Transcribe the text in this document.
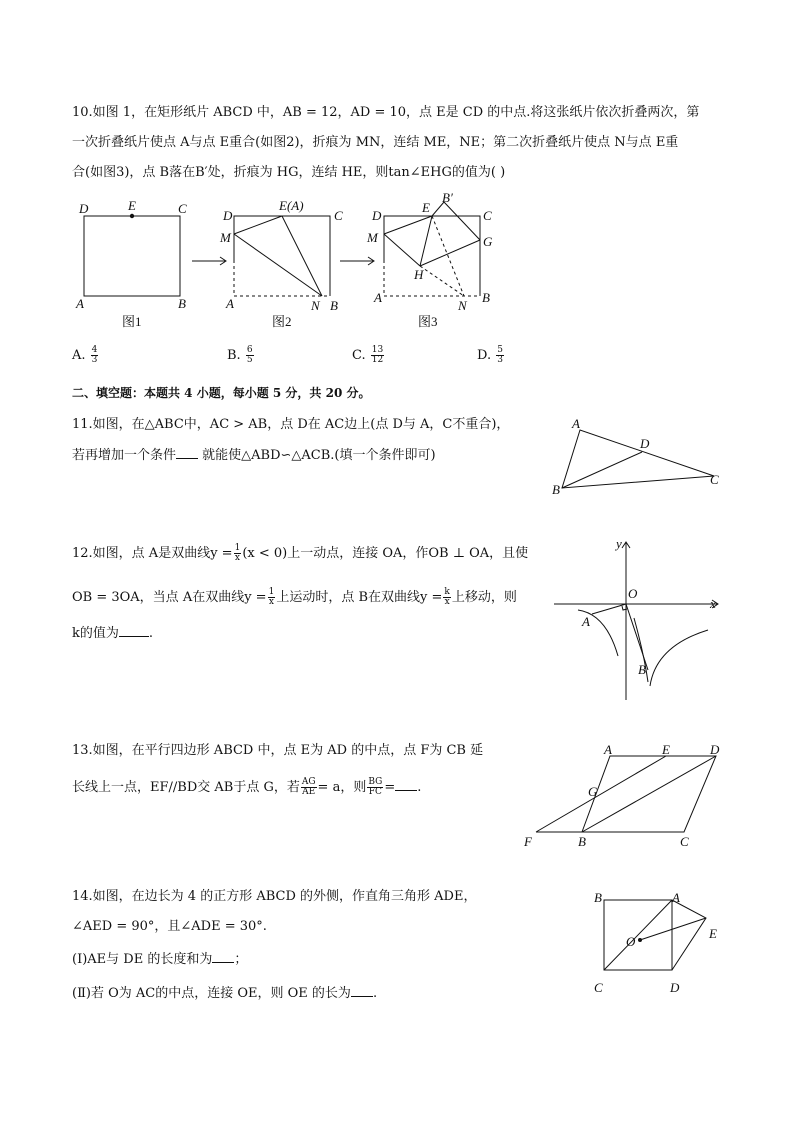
10.如图 1，在矩形纸片 ABCD 中，AB = 12，AD = 10，点 E是 CD 的中点.将这张纸片依次折叠两次，第
一次折叠纸片使点 A与点 E重合(如图2)，折痕为 MN，连结 ME，NE；第二次折叠纸片使点 N与点 E重
合(如图3)，点 B落在B′处，折痕为 HG，连结 HE，则tan∠EHG的值为( )
D	E	C
A	B
图1
D
E(A)
C
M
A	N B
图2
D
E
B′
C
M	G
H
A
N
B
图3
A. $\frac{4}{3}$	B. $\frac{6}{5}$	C. $\frac{13}{12}$	D. $\frac{5}{3}$
二、填空题：本题共 4 小题，每小题 5 分，共 20 分。
11.如图，在△ABC中，AC > AB，点 D在 AC边上(点 D与 A，C不重合)，
若再增加一个条件 就能使△ABD∽△ACB.(填一个条件即可)
A
B
C
D
12.如图，点 A是双曲线$y = \frac{1}{x} (x < 0)$上一动点，连接 OA，作OB ⊥ OA，且使
OB = 3OA，当点 A在双曲线$y = \frac{1}{x}$ 上运动时，点 B在双曲线$y = \frac{k}{x}$ 上移动，则
k的值为 .
y
O
x
A
B
13.如图，在平行四边形 ABCD 中，点 E为 AD 的中点，点 F为 CB 延
长线上一点，EF//BD交 AB于点 G，若 $\frac{AG}{AE} = a$，则 $\frac{BG}{FC}$ = .
A	E	D
G
F	B	C
14.如图，在边长为 4 的正方形 ABCD 的外侧，作直角三角形 ADE，
∠AED = 90°，且∠ADE = 30°.
(Ⅰ)AE与 DE 的长度和为 ；
(Ⅱ)若 O为 AC的中点，连接 OE，则 OE 的长为 .
B	A
E
O
C	D
